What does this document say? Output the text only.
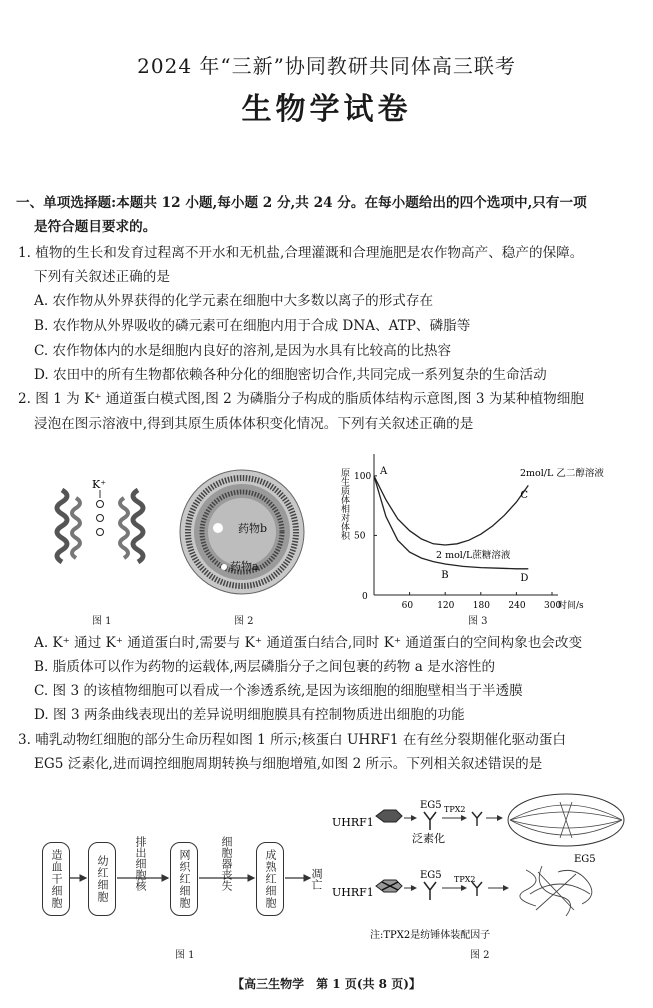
2024 年“三新”协同教研共同体高三联考
生物学试卷
一、单项选择题:本题共 12 小题,每小题 2 分,共 24 分。在每小题给出的四个选项中,只有一项
是符合题目要求的。
1. 植物的生长和发育过程离不开水和无机盐,合理灌溉和合理施肥是农作物高产、稳产的保障。
下列有关叙述正确的是
A. 农作物从外界获得的化学元素在细胞中大多数以离子的形式存在
B. 农作物从外界吸收的磷元素可在细胞内用于合成 DNA、ATP、磷脂等
C. 农作物体内的水是细胞内良好的溶剂,是因为水具有比较高的比热容
D. 农田中的所有生物都依赖各种分化的细胞密切合作,共同完成一系列复杂的生命活动
2. 图 1 为 K⁺ 通道蛋白模式图,图 2 为磷脂分子构成的脂质体结构示意图,图 3 为某种植物细胞
浸泡在图示溶液中,得到其原生质体体积变化情况。下列有关叙述正确的是
K⁺
图 1
药物b
药物a
图 2
0
60	120 180 240 300
时间/s
50
100
原生质体相对体积	2mol/L 乙二醇溶液
2 mol/L蔗糖溶液
A
B
C
D
图 3
A. K⁺ 通过 K⁺ 通道蛋白时,需要与 K⁺ 通道蛋白结合,同时 K⁺ 通道蛋白的空间构象也会改变
B. 脂质体可以作为药物的运载体,两层磷脂分子之间包裹的药物 a 是水溶性的
C. 图 3 的该植物细胞可以看成一个渗透系统,是因为该细胞的细胞壁相当于半透膜
D. 图 3 两条曲线表现出的差异说明细胞膜具有控制物质进出细胞的功能
3. 哺乳动物红细胞的部分生命历程如图 1 所示;核蛋白 UHRF1 在有丝分裂期催化驱动蛋白
EG5 泛素化,进而调控细胞周期转换与细胞增殖,如图 2 所示。下列相关叙述错误的是
造血干细胞	幼红细胞	网织红细胞	成熟红细胞
排出细胞核	细胞器丧失	凋亡
图 1
UHRF1
EG5
泛素化
TPX2
UHRF1
EG5 TPX2
EG5
注:TPX2是纺锤体装配因子
图 2
【高三生物学　第 1 页(共 8 页)】
